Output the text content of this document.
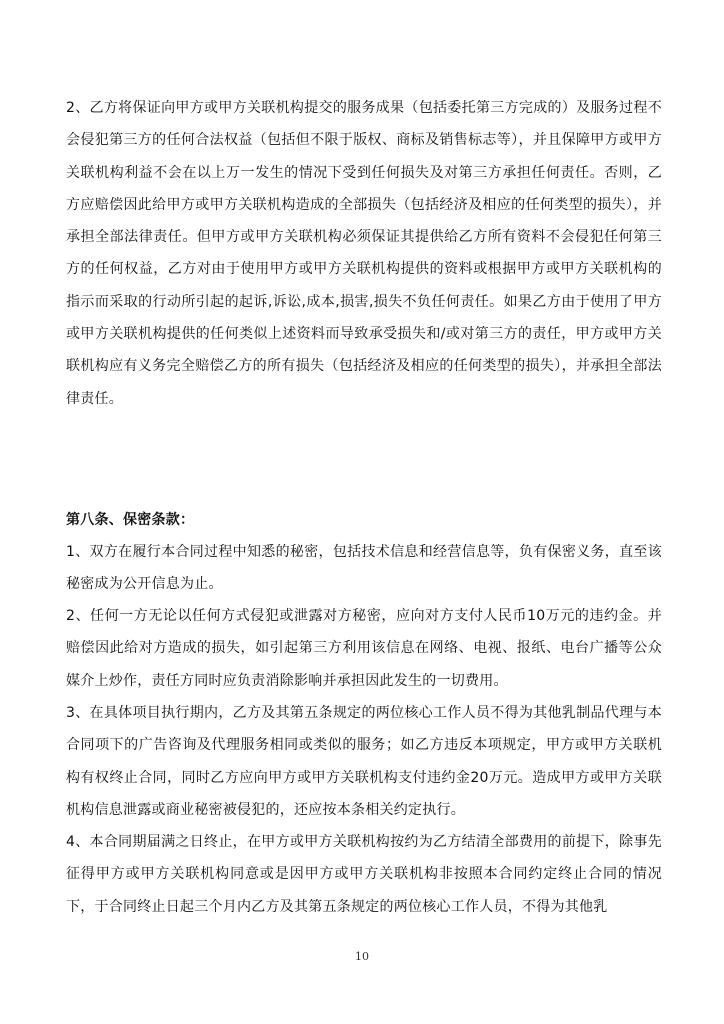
2、乙方将保证向甲方或甲方关联机构提交的服务成果（包括委托第三方完成的）及服务过程不会侵犯第三方的任何合法权益（包括但不限于版权、商标及销售标志等），并且保障甲方或甲方关联机构利益不会在以上万一发生的情况下受到任何损失及对第三方承担任何责任。否则，乙方应赔偿因此给甲方或甲方关联机构造成的全部损失（包括经济及相应的任何类型的损失），并承担全部法律责任。但甲方或甲方关联机构必须保证其提供给乙方所有资料不会侵犯任何第三方的任何权益，乙方对由于使用甲方或甲方关联机构提供的资料或根据甲方或甲方关联机构的指示而采取的行动所引起的起诉,诉讼,成本,损害,损失不负任何责任。如果乙方由于使用了甲方或甲方关联机构提供的任何类似上述资料而导致承受损失和/或对第三方的责任，甲方或甲方关联机构应有义务完全赔偿乙方的所有损失（包括经济及相应的任何类型的损失），并承担全部法律责任。

第八条、保密条款：

1、双方在履行本合同过程中知悉的秘密，包括技术信息和经营信息等，负有保密义务，直至该秘密成为公开信息为止。

2、任何一方无论以任何方式侵犯或泄露对方秘密，应向对方支付人民币10万元的违约金。并赔偿因此给对方造成的损失，如引起第三方利用该信息在网络、电视、报纸、电台广播等公众媒介上炒作，责任方同时应负责消除影响并承担因此发生的一切费用。

3、在具体项目执行期内，乙方及其第五条规定的两位核心工作人员不得为其他乳制品代理与本合同项下的广告咨询及代理服务相同或类似的服务；如乙方违反本项规定，甲方或甲方关联机构有权终止合同，同时乙方应向甲方或甲方关联机构支付违约金20万元。造成甲方或甲方关联机构信息泄露或商业秘密被侵犯的，还应按本条相关约定执行。

4、本合同期届满之日终止，在甲方或甲方关联机构按约为乙方结清全部费用的前提下，除事先征得甲方或甲方关联机构同意或是因甲方或甲方关联机构非按照本合同约定终止合同的情况下，于合同终止日起三个月内乙方及其第五条规定的两位核心工作人员，不得为其他乳

10
